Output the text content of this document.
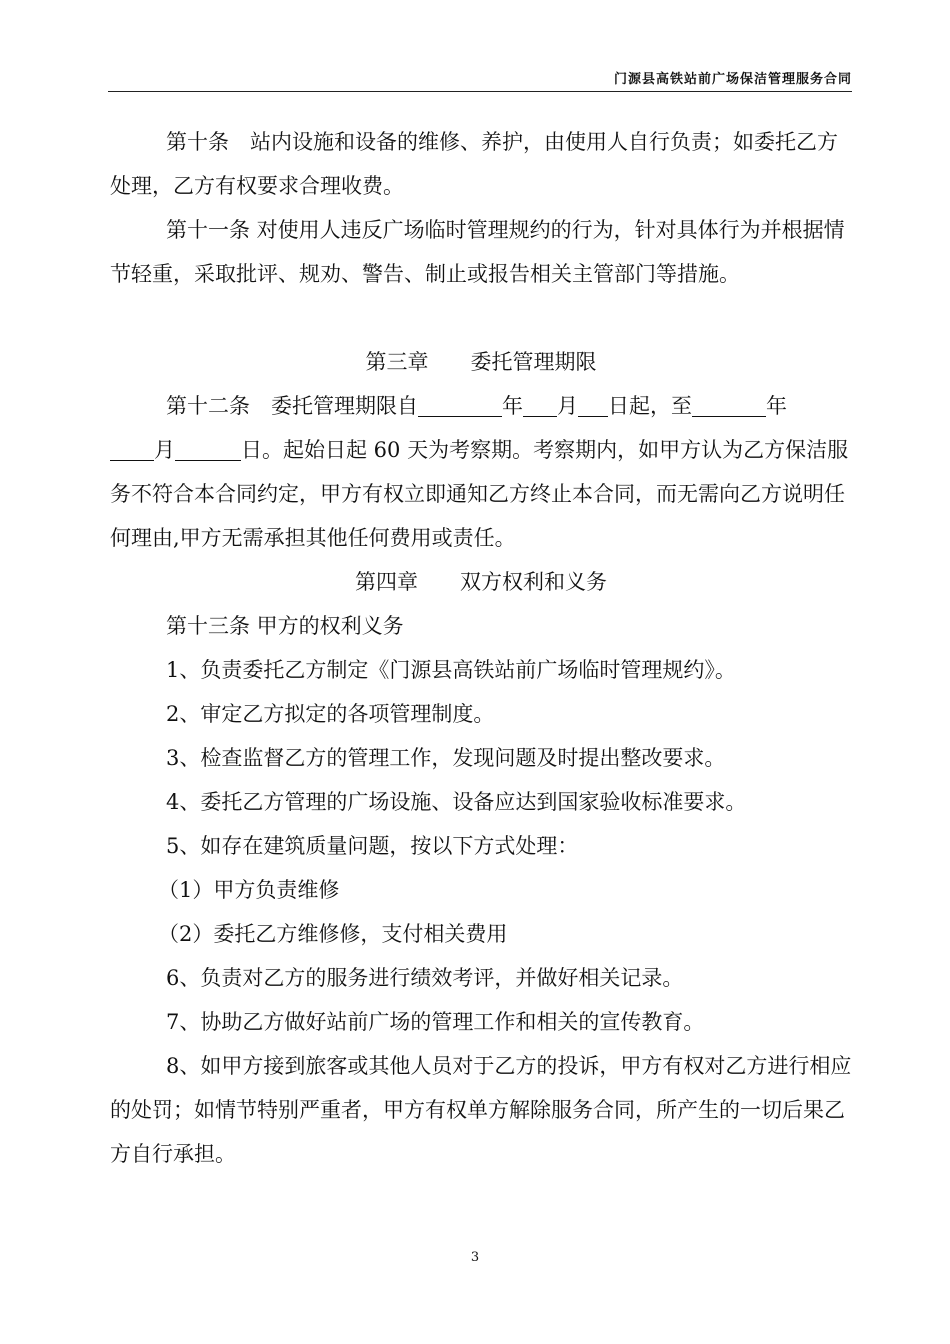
门源县高铁站前广场保洁管理服务合同

第十条　站内设施和设备的维修、养护，由使用人自行负责；如委托乙方处理，乙方有权要求合理收费。

第十一条 对使用人违反广场临时管理规约的行为，针对具体行为并根据情节轻重，采取批评、规劝、警告、制止或报告相关主管部门等措施。

第三章　　委托管理期限

第十二条　委托管理期限自	年 月 日起，至	年
月	日。起始日起 60 天为考察期。考察期内，如甲方认为乙方保洁服务不符合本合同约定，甲方有权立即通知乙方终止本合同，而无需向乙方说明任何理由,甲方无需承担其他任何费用或责任。

第四章　　双方权利和义务

第十三条 甲方的权利义务

1、负责委托乙方制定《门源县高铁站前广场临时管理规约》。

2、审定乙方拟定的各项管理制度。

3、检查监督乙方的管理工作，发现问题及时提出整改要求。

4、委托乙方管理的广场设施、设备应达到国家验收标准要求。

5、如存在建筑质量问题，按以下方式处理：

（1）甲方负责维修

（2）委托乙方维修修，支付相关费用

6、负责对乙方的服务进行绩效考评，并做好相关记录。

7、协助乙方做好站前广场的管理工作和相关的宣传教育。

8、如甲方接到旅客或其他人员对于乙方的投诉，甲方有权对乙方进行相应的处罚；如情节特别严重者，甲方有权单方解除服务合同，所产生的一切后果乙方自行承担。

3
